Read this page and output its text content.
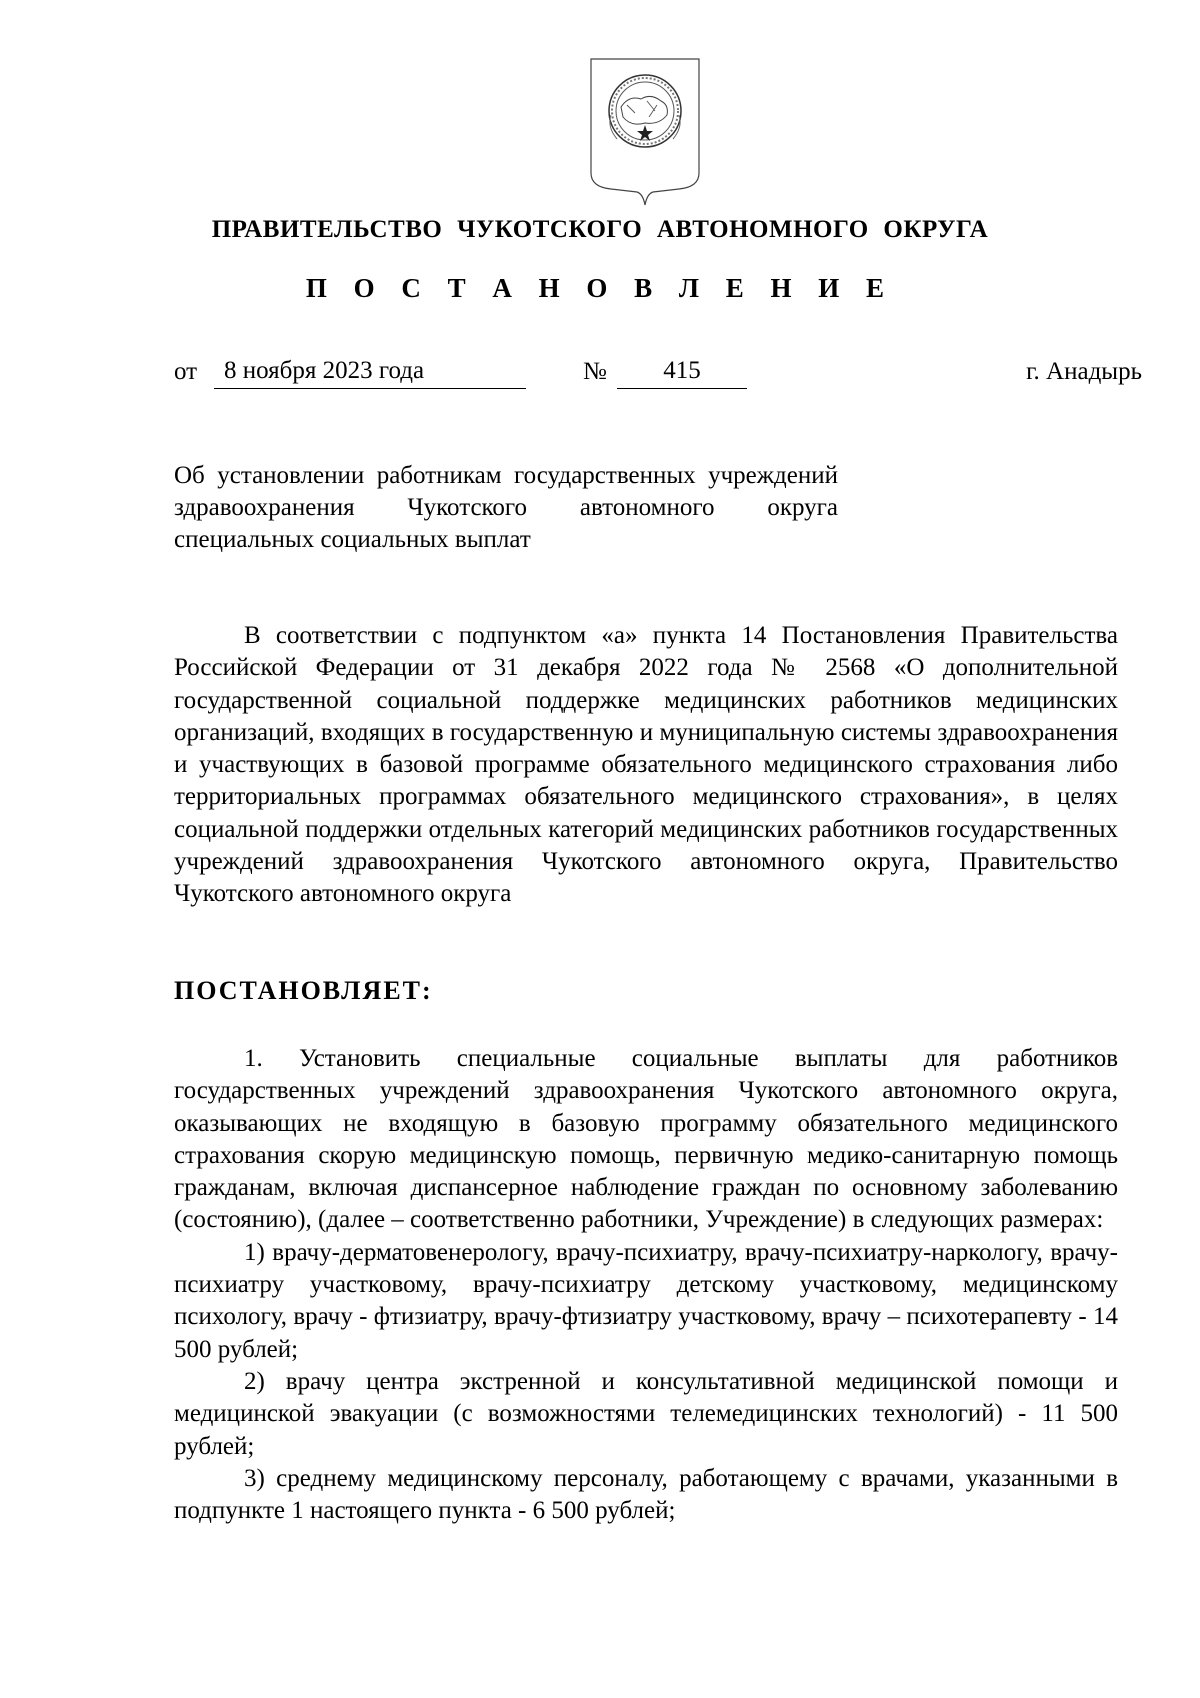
ПРАВИТЕЛЬСТВО ЧУКОТСКОГО АВТОНОМНОГО ОКРУГА
П О С Т А Н О В Л Е Н И Е
от	8 ноября 2023 года	№	415	г. Анадырь
Об установлении работникам государственных учреждений здравоохранения Чукотского автономного округа специальных социальных выплат

В соответствии с подпунктом «а» пункта 14 Постановления Правительства Российской Федерации от 31 декабря 2022 года № 2568 «О дополнительной государственной социальной поддержке медицинских работников медицинских организаций, входящих в государственную и муниципальную системы здравоохранения и участвующих в базовой программе обязательного медицинского страхования либо территориальных программах обязательного медицинского страхования», в целях социальной поддержки отдельных категорий медицинских работников государственных учреждений здравоохранения Чукотского автономного округа, Правительство Чукотского автономного округа

ПОСТАНОВЛЯЕТ:

1. Установить специальные социальные выплаты для работников государственных учреждений здравоохранения Чукотского автономного округа, оказывающих не входящую в базовую программу обязательного медицинского страхования скорую медицинскую помощь, первичную медико-санитарную помощь гражданам, включая диспансерное наблюдение граждан по основному заболеванию (состоянию), (далее – соответственно работники, Учреждение) в следующих размерах:

1) врачу-дерматовенерологу, врачу-психиатру, врачу-психиатру-наркологу, врачу-психиатру участковому, врачу-психиатру детскому участковому, медицинскому психологу, врачу - фтизиатру, врачу-фтизиатру участковому, врачу – психотерапевту - 14 500 рублей;

2) врачу центра экстренной и консультативной медицинской помощи и медицинской эвакуации (с возможностями телемедицинских технологий) - 11 500 рублей;

3) среднему медицинскому персоналу, работающему с врачами, указанными в подпункте 1 настоящего пункта - 6 500 рублей;
